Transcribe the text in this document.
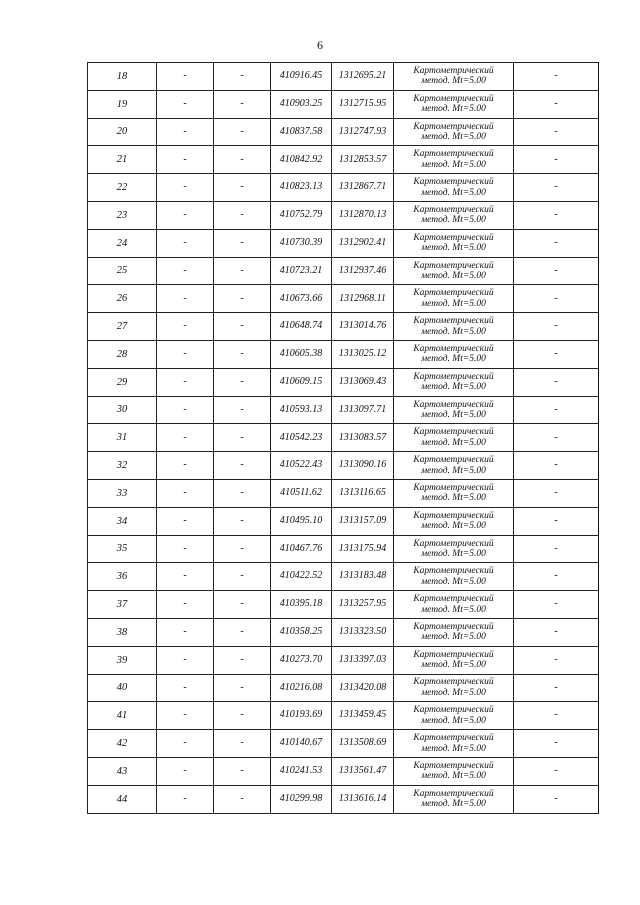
6
18	-	-	410916.45	1312695.21	Картометрический
метод. Мt=5.00	-
19	-	-	410903.25	1312715.95	Картометрический
метод. Мt=5.00	-
20	-	-	410837.58	1312747.93	Картометрический
метод. Мt=5.00	-
21	-	-	410842.92	1312853.57	Картометрический
метод. Мt=5.00	-
22	-	-	410823.13	1312867.71	Картометрический
метод. Мt=5.00	-
23	-	-	410752.79	1312870.13	Картометрический
метод. Мt=5.00	-
24	-	-	410730.39	1312902.41	Картометрический
метод. Мt=5.00	-
25	-	-	410723.21	1312937.46	Картометрический
метод. Мt=5.00	-
26	-	-	410673.66	1312968.11	Картометрический
метод. Мt=5.00	-
27	-	-	410648.74	1313014.76	Картометрический
метод. Мt=5.00	-
28	-	-	410605.38	1313025.12	Картометрический
метод. Мt=5.00	-
29	-	-	410609.15	1313069.43	Картометрический
метод. Мt=5.00	-
30	-	-	410593.13	1313097.71	Картометрический
метод. Мt=5.00	-
31	-	-	410542.23	1313083.57	Картометрический
метод. Мt=5.00	-
32	-	-	410522.43	1313090.16	Картометрический
метод. Мt=5.00	-
33	-	-	410511.62	1313116.65	Картометрический
метод. Мt=5.00	-
34	-	-	410495.10	1313157.09	Картометрический
метод. Мt=5.00	-
35	-	-	410467.76	1313175.94	Картометрический
метод. Мt=5.00	-
36	-	-	410422.52	1313183.48	Картометрический
метод. Мt=5.00	-
37	-	-	410395.18	1313257.95	Картометрический
метод. Мt=5.00	-
38	-	-	410358.25	1313323.50	Картометрический
метод. Мt=5.00	-
39	-	-	410273.70	1313397.03	Картометрический
метод. Мt=5.00	-
40	-	-	410216.08	1313420.08	Картометрический
метод. Мt=5.00	-
41	-	-	410193.69	1313459.45	Картометрический
метод. Мt=5.00	-
42	-	-	410140.67	1313508.69	Картометрический
метод. Мt=5.00	-
43	-	-	410241.53	1313561.47	Картометрический
метод. Мt=5.00	-
44	-	-	410299.98	1313616.14	Картометрический
метод. Мt=5.00	-
